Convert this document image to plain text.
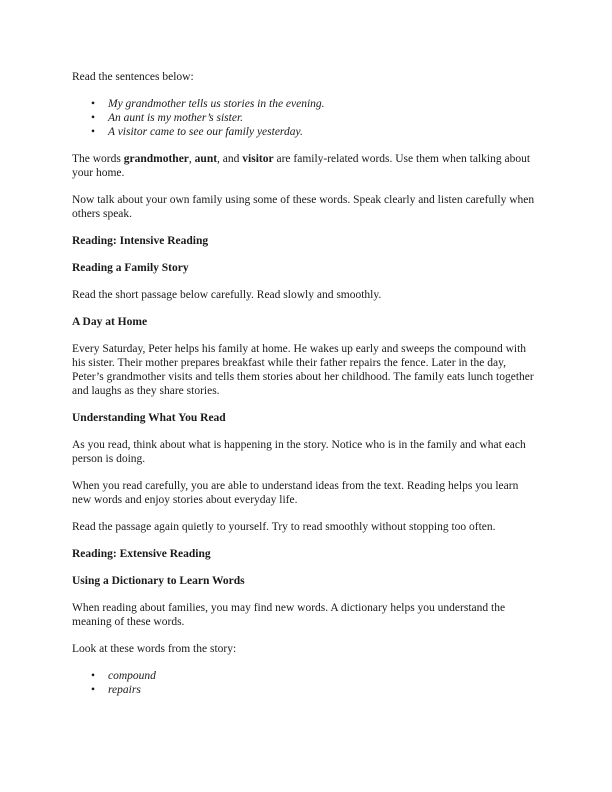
Read the sentences below:

• My grandmother tells us stories in the evening.
• An aunt is my mother’s sister.
• A visitor came to see our family yesterday.

The words grandmother, aunt, and visitor are family-related words. Use them when talking about your home.

Now talk about your own family using some of these words. Speak clearly and listen carefully when others speak.

Reading: Intensive Reading
Reading a Family Story

Read the short passage below carefully. Read slowly and smoothly.

A Day at Home

Every Saturday, Peter helps his family at home. He wakes up early and sweeps the compound with his sister. Their mother prepares breakfast while their father repairs the fence. Later in the day, Peter’s grandmother visits and tells them stories about her childhood. The family eats lunch together and laughs as they share stories.

Understanding What You Read

As you read, think about what is happening in the story. Notice who is in the family and what each person is doing.

When you read carefully, you are able to understand ideas from the text. Reading helps you learn new words and enjoy stories about everyday life.

Read the passage again quietly to yourself. Try to read smoothly without stopping too often.

Reading: Extensive Reading
Using a Dictionary to Learn Words

When reading about families, you may find new words. A dictionary helps you understand the meaning of these words.

Look at these words from the story:

• compound
• repairs
